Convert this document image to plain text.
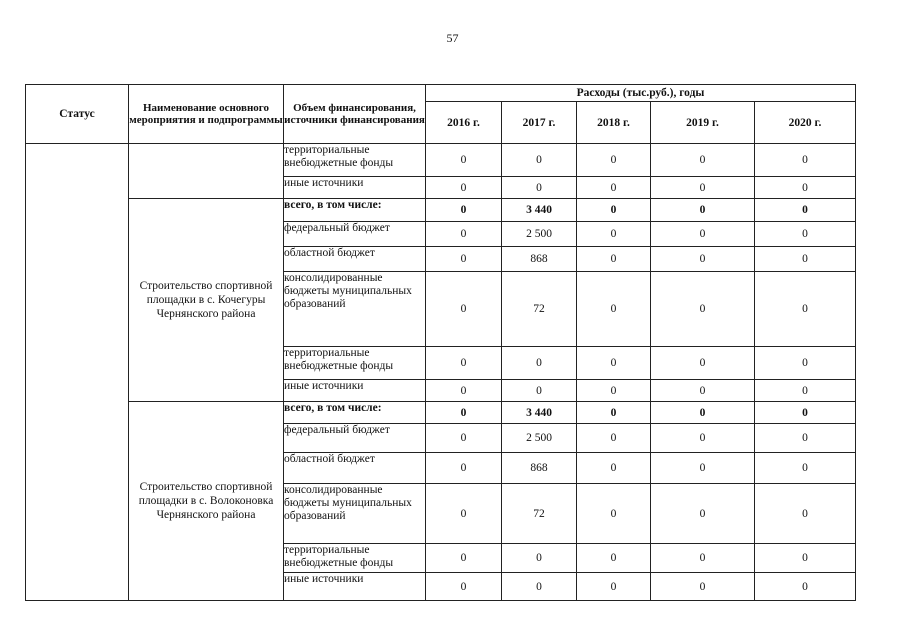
57
Статус	Наименование основного мероприятия и подпрограммы	Объем финансирования, источники финансирования	Расходы (тыс.руб.), годы				
			2016 г.	2017 г.	2018 г.	2019 г.	2020 г.
		территориальные внебюджетные фонды	0	0	0	0	0
		иные источники	0	0	0	0	0
	Строительство спортивной площадки в с. Кочегуры Чернянского района	всего, в том числе:	0	3 440	0	0	0
		федеральный бюджет	0	2 500	0	0	0
		областной бюджет	0	868	0	0	0
		консолидированные бюджеты муниципальных образований	0	72	0	0	0
		территориальные внебюджетные фонды	0	0	0	0	0
		иные источники	0	0	0	0	0
	Строительство спортивной площадки в с. Волоконовка Чернянского района	всего, в том числе:	0	3 440	0	0	0
		федеральный бюджет	0	2 500	0	0	0
		областной бюджет	0	868	0	0	0
		консолидированные бюджеты муниципальных образований	0	72	0	0	0
		территориальные внебюджетные фонды	0	0	0	0	0
		иные источники	0	0	0	0	0
